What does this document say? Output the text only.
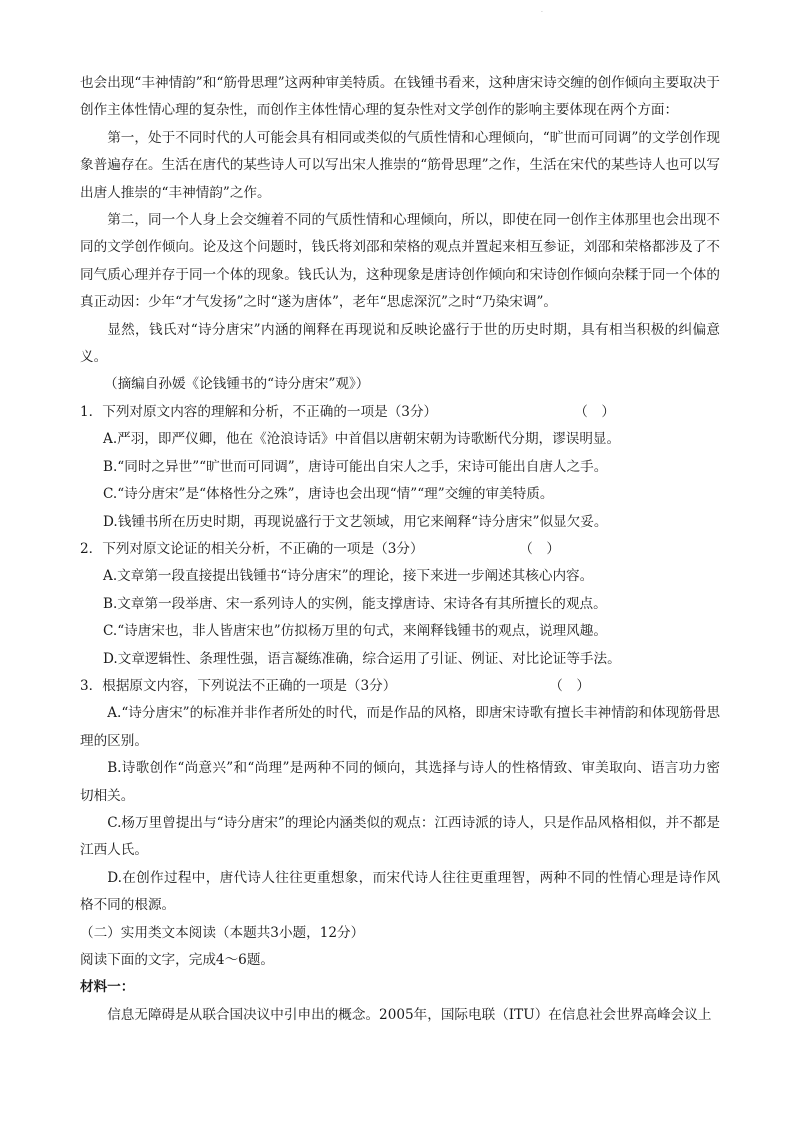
·

也会出现“丰神情韵”和“筋骨思理”这两种审美特质。在钱锺书看来，这种唐宋诗交缠的创作倾向主要取决于创作主体性情心理的复杂性，而创作主体性情心理的复杂性对文学创作的影响主要体现在两个方面：

第一，处于不同时代的人可能会具有相同或类似的气质性情和心理倾向，“旷世而可同调”的文学创作现象普遍存在。生活在唐代的某些诗人可以写出宋人推崇的“筋骨思理”之作，生活在宋代的某些诗人也可以写出唐人推崇的“丰神情韵”之作。

第二，同一个人身上会交缠着不同的气质性情和心理倾向，所以，即使在同一创作主体那里也会出现不同的文学创作倾向。论及这个问题时，钱氏将刘邵和荣格的观点并置起来相互参证，刘邵和荣格都涉及了不同气质心理并存于同一个体的现象。钱氏认为，这种现象是唐诗创作倾向和宋诗创作倾向杂糅于同一个体的真正动因：少年“才气发扬”之时“遂为唐体”，老年“思虑深沉”之时“乃染宋调”。

显然，钱氏对“诗分唐宋”内涵的阐释在再现说和反映论盛行于世的历史时期，具有相当积极的纠偏意义。

（摘编自孙媛《论钱锺书的“诗分唐宋”观》）

1．下列对原文内容的理解和分析，不正确的一项是（3分）	（　）

A.严羽，即严仪卿，他在《沧浪诗话》中首倡以唐朝宋朝为诗歌断代分期，谬误明显。

B.“同时之异世”“旷世而可同调”，唐诗可能出自宋人之手，宋诗可能出自唐人之手。

C.“诗分唐宋”是“体格性分之殊”，唐诗也会出现“情”“理”交缠的审美特质。

D.钱锺书所在历史时期，再现说盛行于文艺领域，用它来阐释“诗分唐宋”似显欠妥。

2．下列对原文论证的相关分析，不正确的一项是（3分）	（　）

A.文章第一段直接提出钱锺书“诗分唐宋”的理论，接下来进一步阐述其核心内容。

B.文章第一段举唐、宋一系列诗人的实例，能支撑唐诗、宋诗各有其所擅长的观点。

C.“诗唐宋也，非人皆唐宋也”仿拟杨万里的句式，来阐释钱锺书的观点，说理风趣。

D.文章逻辑性、条理性强，语言凝练准确，综合运用了引证、例证、对比论证等手法。

3．根据原文内容，下列说法不正确的一项是（3分）	（　）

A.“诗分唐宋”的标准并非作者所处的时代，而是作品的风格，即唐宋诗歌有擅长丰神情韵和体现筋骨思理的区别。

B.诗歌创作“尚意兴”和“尚理”是两种不同的倾向，其选择与诗人的性格情致、审美取向、语言功力密切相关。

C.杨万里曾提出与“诗分唐宋”的理论内涵类似的观点：江西诗派的诗人，只是作品风格相似，并不都是江西人氏。

D.在创作过程中，唐代诗人往往更重想象，而宋代诗人往往更重理智，两种不同的性情心理是诗作风格不同的根源。

（二）实用类文本阅读（本题共3小题，12分）

阅读下面的文字，完成4～6题。

材料一：

信息无障碍是从联合国决议中引申出的概念。2005年，国际电联（ITU）在信息社会世界高峰会议上
